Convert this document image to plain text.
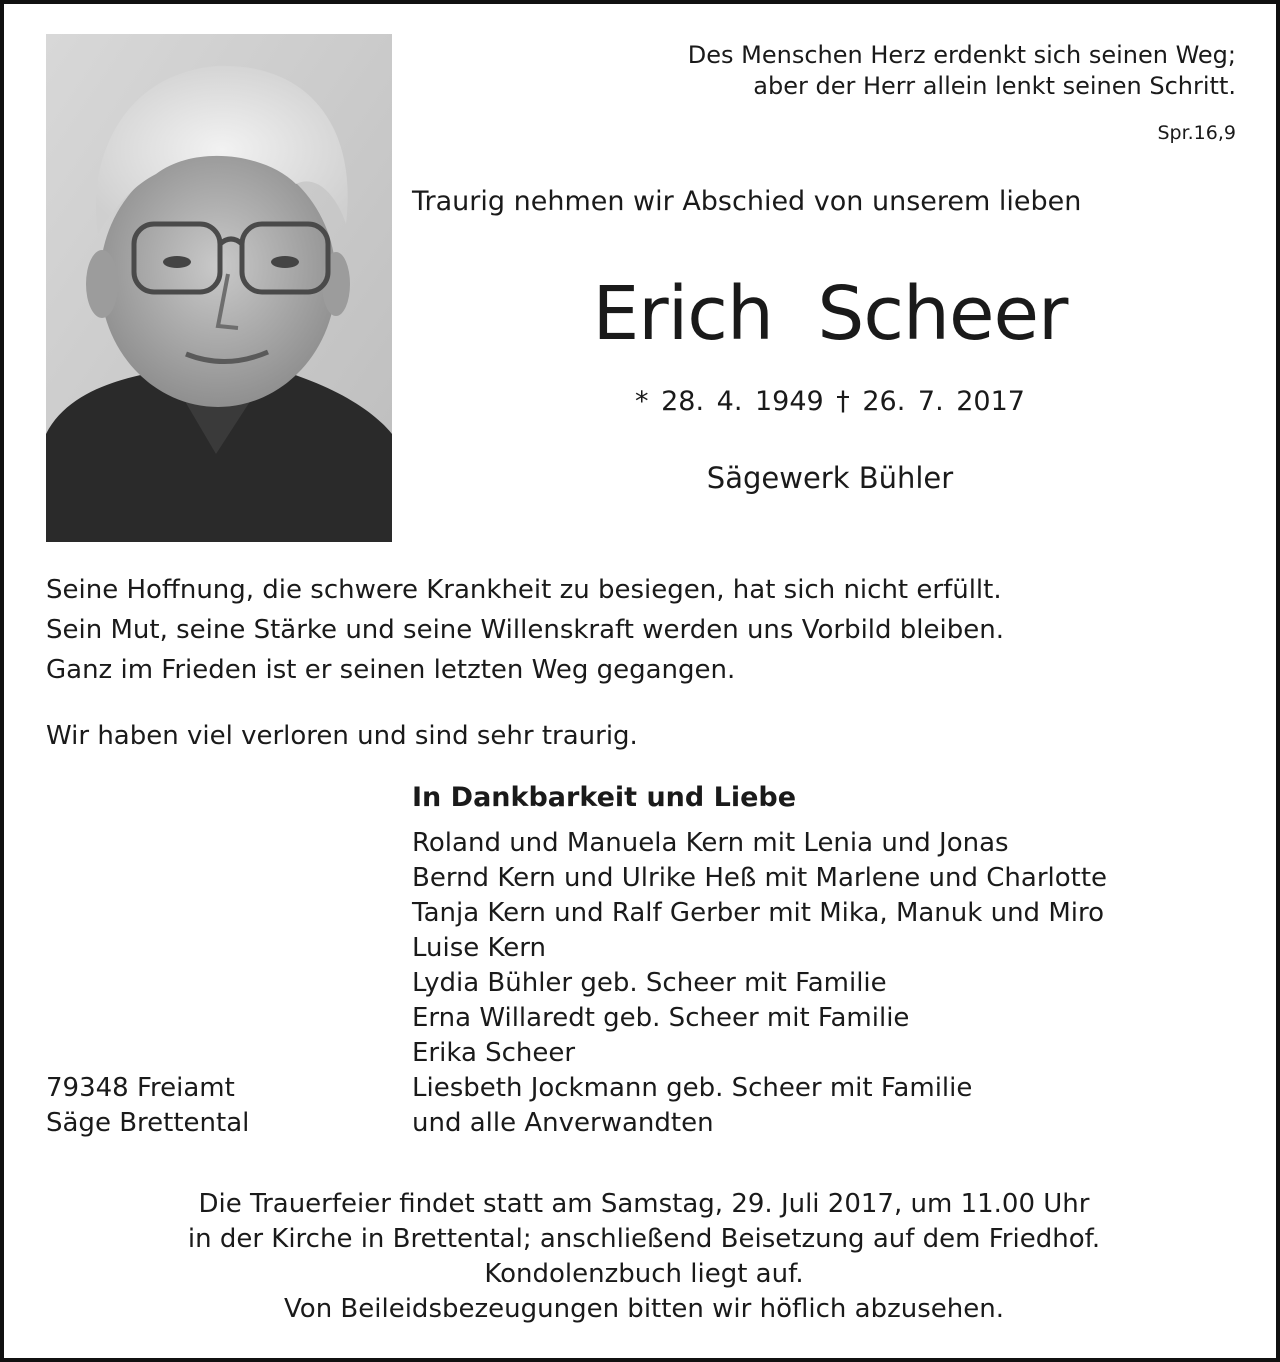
Des Menschen Herz erdenkt sich seinen Weg;
aber der Herr allein lenkt seinen Schritt.
Spr.16,9
Traurig nehmen wir Abschied von unserem lieben
Erich Scheer
* 28. 4. 1949 † 26. 7. 2017
Sägewerk Bühler
Seine Hoffnung, die schwere Krankheit zu besiegen, hat sich nicht erfüllt.
Sein Mut, seine Stärke und seine Willenskraft werden uns Vorbild bleiben.
Ganz im Frieden ist er seinen letzten Weg gegangen.
Wir haben viel verloren und sind sehr traurig.
In Dankbarkeit und Liebe
Roland und Manuela Kern mit Lenia und Jonas
Bernd Kern und Ulrike Heß mit Marlene und Charlotte
Tanja Kern und Ralf Gerber mit Mika, Manuk und Miro
Luise Kern
Lydia Bühler geb. Scheer mit Familie
Erna Willaredt geb. Scheer mit Familie
Erika Scheer
Liesbeth Jockmann geb. Scheer mit Familie
und alle Anverwandten
79348 Freiamt
Säge Brettental
Die Trauerfeier findet statt am Samstag, 29. Juli 2017, um 11.00 Uhr
in der Kirche in Brettental; anschließend Beisetzung auf dem Friedhof.
Kondolenzbuch liegt auf.
Von Beileidsbezeugungen bitten wir höflich abzusehen.
